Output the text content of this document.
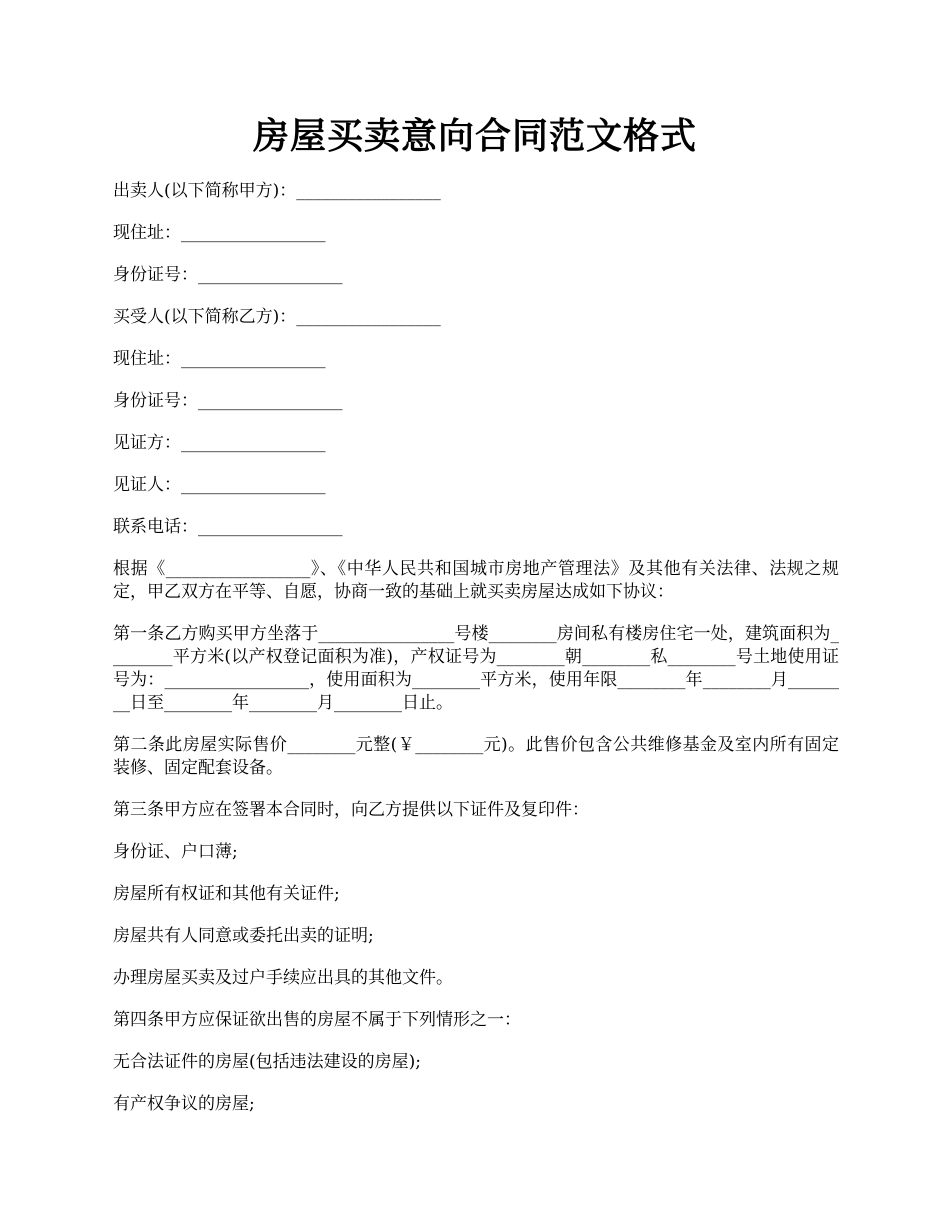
房屋买卖意向合同范文格式

出卖人(以下简称甲方)：_________________

现住址：_________________

身份证号：_________________

买受人(以下简称乙方)：_________________

现住址：_________________

身份证号：_________________

见证方：_________________

见证人：_________________

联系电话：_________________

根据《_________________》、《中华人民共和国城市房地产管理法》及其他有关法律、法规之规定，甲乙双方在平等、自愿，协商一致的基础上就买卖房屋达成如下协议：

第一条乙方购买甲方坐落于________________号楼________房间私有楼房住宅一处，建筑面积为________平方米(以产权登记面积为准)，产权证号为________朝________私________号土地使用证号为：_________________，使用面积为________平方米，使用年限________年________月________日至________年________月________日止。

第二条此房屋实际售价________元整(￥________元)。此售价包含公共维修基金及室内所有固定装修、固定配套设备。

第三条甲方应在签署本合同时，向乙方提供以下证件及复印件：

身份证、户口薄;

房屋所有权证和其他有关证件;

房屋共有人同意或委托出卖的证明;

办理房屋买卖及过户手续应出具的其他文件。

第四条甲方应保证欲出售的房屋不属于下列情形之一：

无合法证件的房屋(包括违法建设的房屋);

有产权争议的房屋;
